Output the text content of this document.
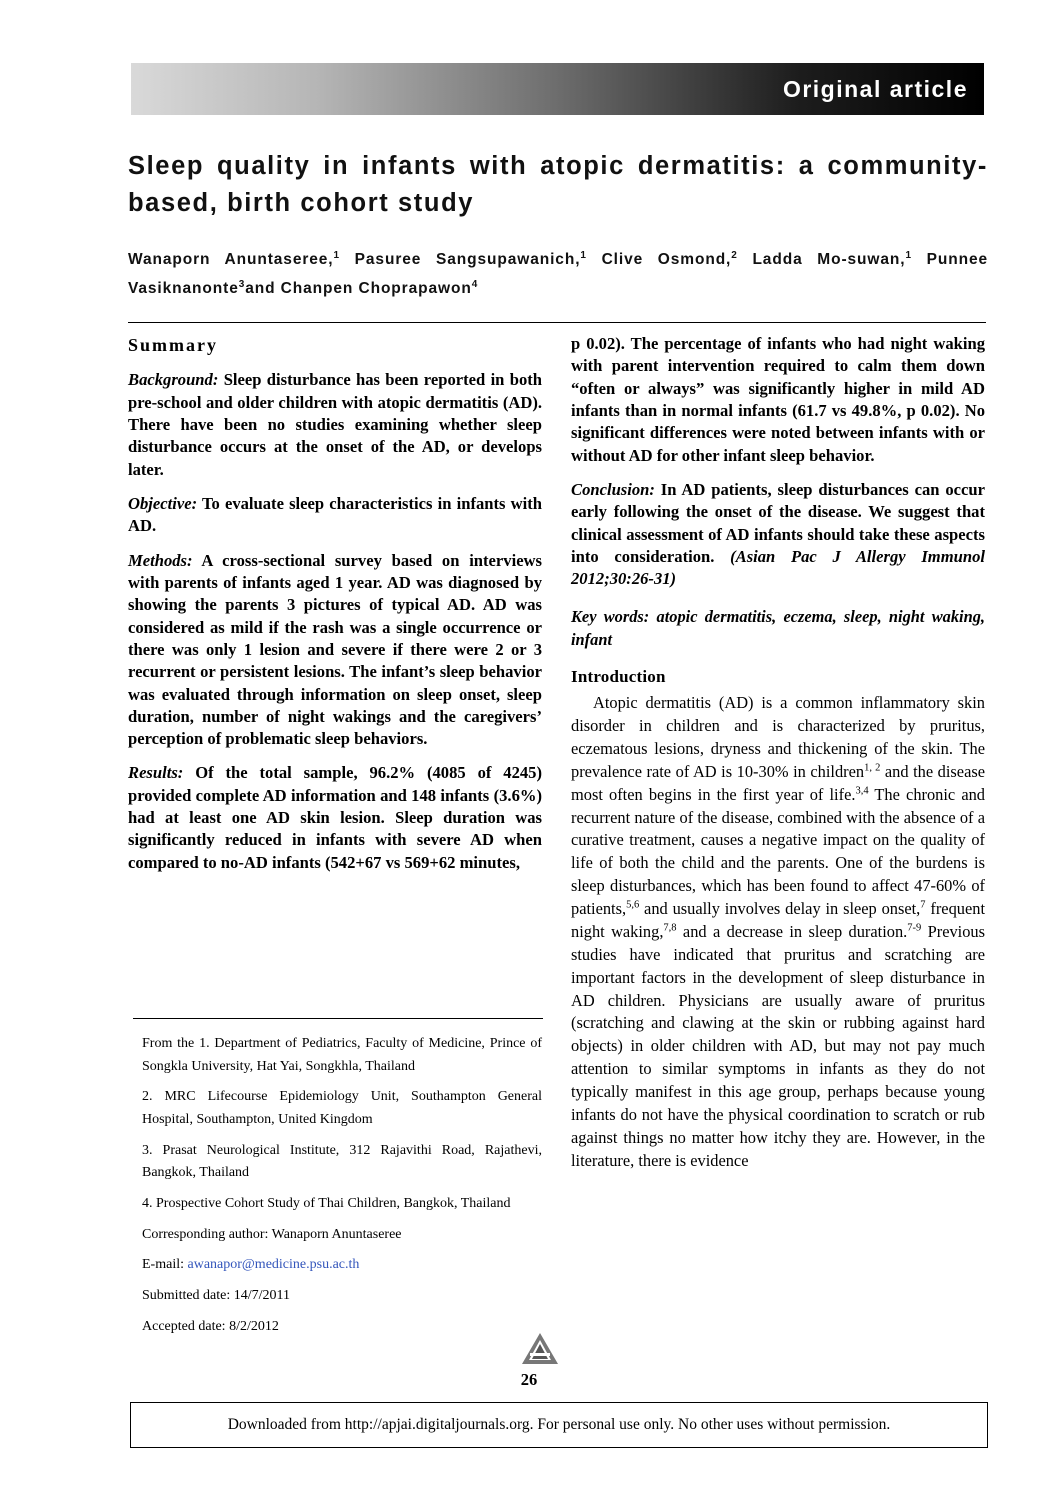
Original article
Sleep quality in infants with atopic dermatitis: a community-based, birth cohort study
Wanaporn Anuntaseree,$^1$ Pasuree Sangsupawanich,$^1$ Clive Osmond,$^2$ Ladda Mo-suwan,$^1$ Punnee Vasiknanonte$^3$and Chanpen Choprapawon$^4$
Summary

Background: Sleep disturbance has been reported in both pre-school and older children with atopic dermatitis (AD). There have been no studies examining whether sleep disturbance occurs at the onset of the AD, or develops later.

Objective: To evaluate sleep characteristics in infants with AD.

Methods: A cross-sectional survey based on interviews with parents of infants aged 1 year. AD was diagnosed by showing the parents 3 pictures of typical AD. AD was considered as mild if the rash was a single occurrence or there was only 1 lesion and severe if there were 2 or 3 recurrent or persistent lesions. The infant’s sleep behavior was evaluated through information on sleep onset, sleep duration, number of night wakings and the caregivers’ perception of problematic sleep behaviors.

Results: Of the total sample, 96.2% (4085 of 4245) provided complete AD information and 148 infants (3.6%) had at least one AD skin lesion. Sleep duration was significantly reduced in infants with severe AD when compared to no-AD infants (542+67 vs 569+62 minutes,

From the 1. Department of Pediatrics, Faculty of Medicine, Prince of Songkla University, Hat Yai, Songkhla, Thailand

2. MRC Lifecourse Epidemiology Unit, Southampton General Hospital, Southampton, United Kingdom

3. Prasat Neurological Institute, 312 Rajavithi Road, Rajathevi, Bangkok, Thailand

4. Prospective Cohort Study of Thai Children, Bangkok, Thailand

Corresponding author: Wanaporn Anuntaseree

E-mail: awanapor@medicine.psu.ac.th

Submitted date: 14/7/2011

Accepted date: 8/2/2012

p 0.02). The percentage of infants who had night waking with parent intervention required to calm them down “often or always” was significantly higher in mild AD infants than in normal infants (61.7 vs 49.8%, p 0.02). No significant differences were noted between infants with or without AD for other infant sleep behavior.

Conclusion: In AD patients, sleep disturbances can occur early following the onset of the disease. We suggest that clinical assessment of AD infants should take these aspects into consideration. (Asian Pac J Allergy Immunol 2012;30:26-31)

Key words: atopic dermatitis, eczema, sleep, night waking, infant

Introduction

Atopic dermatitis (AD) is a common inflammatory skin disorder in children and is characterized by pruritus, eczematous lesions, dryness and thickening of the skin. The prevalence rate of AD is 10-30% in children$^{1, 2}$ and the disease most often begins in the first year of life.$^{3,4}$ The chronic and recurrent nature of the disease, combined with the absence of a curative treatment, causes a negative impact on the quality of life of both the child and the parents. One of the burdens is sleep disturbances, which has been found to affect 47-60% of patients,$^{5,6}$ and usually involves delay in sleep onset,$^7$ frequent night waking,$^{7,8}$ and a decrease in sleep duration.$^{7-9}$ Previous studies have indicated that pruritus and scratching are important factors in the development of sleep disturbance in AD children. Physicians are usually aware of pruritus (scratching and clawing at the skin or rubbing against hard objects) in older children with AD, but may not pay much attention to similar symptoms in infants as they do not typically manifest in this age group, perhaps because young infants do not have the physical coordination to scratch or rub against things no matter how itchy they are. However, in the literature, there is evidence

26
Downloaded from http://apjai.digitaljournals.org. For personal use only. No other uses without permission.
